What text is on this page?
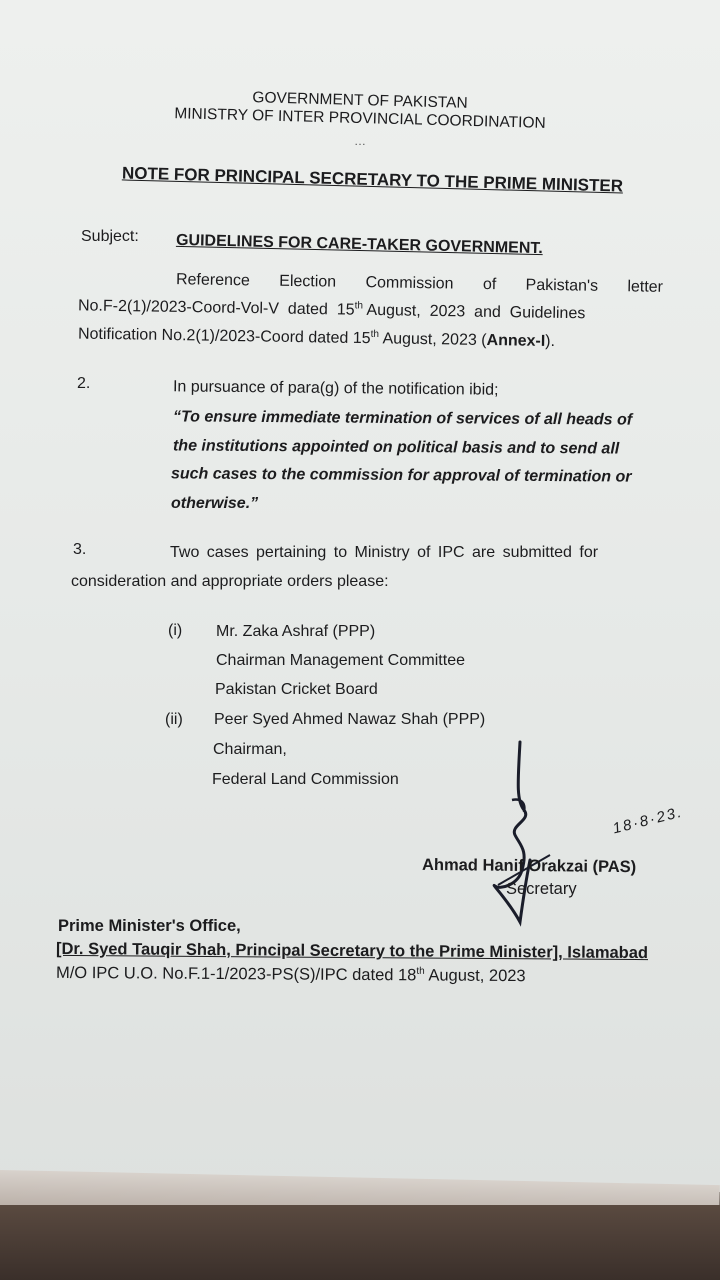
GOVERNMENT OF PAKISTAN
MINISTRY OF INTER PROVINCIAL COORDINATION
…
NOTE FOR PRINCIPAL SECRETARY TO THE PRIME MINISTER
Subject: GUIDELINES FOR CARE-TAKER GOVERNMENT.
Reference Election Commission of Pakistan's letter
No.F-2(1)/2023-Coord-Vol-V  dated  15th August,  2023  and  Guidelines
Notification No.2(1)/2023-Coord dated 15th August, 2023 (Annex-I).
2.	In pursuance of para(g) of the notification ibid;
“To ensure immediate termination of services of all heads of
the institutions appointed on political basis and to send all
such cases to the commission for approval of termination or
otherwise.”
3.	Two cases pertaining to Ministry of IPC are submitted for
consideration and appropriate orders please:
(i) Mr. Zaka Ashraf (PPP)
Chairman Management Committee
Pakistan Cricket Board
(ii) Peer Syed Ahmed Nawaz Shah (PPP)
Chairman,
Federal Land Commission
18·8·23.
Ahmad Hanif Orakzai (PAS)
Secretary
Prime Minister's Office,
[Dr. Syed Tauqir Shah, Principal Secretary to the Prime Minister], Islamabad
M/O IPC U.O. No.F.1-1/2023-PS(S)/IPC dated 18th August, 2023
